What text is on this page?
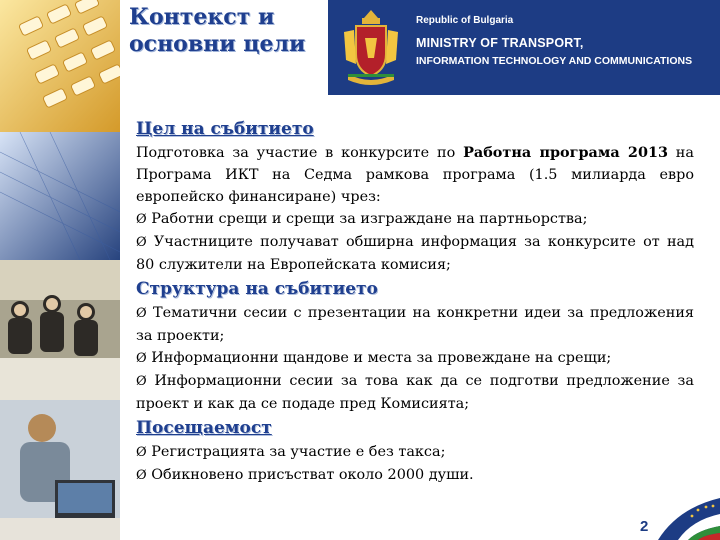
Контекст и
основни цели
Republic of Bulgaria
MINISTRY OF TRANSPORT,
INFORMATION TECHNOLOGY AND COMMUNICATIONS

Цел на събитието

Подготовка за участие в конкурсите по Работна програма 2013 на Програма ИКТ на Седма рамкова програма (1.5 милиарда евро европейско финансиране) чрез:

Ø Работни срещи и срещи за изграждане на партньорства;

Ø Участниците получават обширна информация за конкурсите от над 80 служители на Европейската комисия;

Структура на събитието

Ø Тематични сесии с презентации на конкретни идеи за предложения за проекти;

Ø Информационни щандове и места за провеждане на срещи;

Ø Информационни сесии за това как да се подготви предложение за проект и как да се подаде пред Комисията;

Посещаемост

Ø Регистрацията за участие е без такса;

Ø Обикновено присъстват около 2000 души.

2
